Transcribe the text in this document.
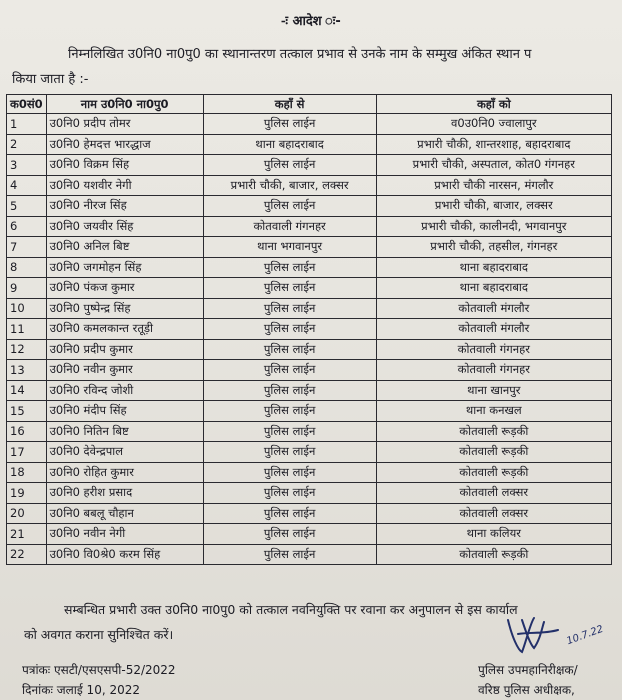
-ः आदेश ः-
निम्नलिखित उ0नि0 ना0पु0 का स्थानान्तरण तत्काल प्रभाव से उनके नाम के सम्मुख अंकित स्थान प
किया जाता है :-
क0सं0	नाम उ0नि0 ना0पु0	कहाँ से	कहाँ को
1	उ0नि0 प्रदीप तोमर	पुलिस लाईन	व0उ0नि0 ज्वालापुर
2	उ0नि0 हेमदत्त भारद्धाज	थाना बहादराबाद	प्रभारी चौकी, शान्तरशाह, बहादराबाद
3	उ0नि0 विक्रम सिंह	पुलिस लाईन	प्रभारी चौकी, अस्पताल, कोत0 गंगनहर
4	उ0नि0 यशवीर नेगी	प्रभारी चौकी, बाजार, लक्सर	प्रभारी चौकी नारसन, मंगलौर
5	उ0नि0 नीरज सिंह	पुलिस लाईन	प्रभारी चौकी, बाजार, लक्सर
6	उ0नि0 जयवीर सिंह	कोतवाली गंगनहर	प्रभारी चौकी, कालीनदी, भगवानपुर
7	उ0नि0 अनिल बिष्ट	थाना भगवानपुर	प्रभारी चौकी, तहसील, गंगनहर
8	उ0नि0 जगमोहन सिंह	पुलिस लाईन	थाना बहादराबाद
9	उ0नि0 पंकज कुमार	पुलिस लाईन	थाना बहादराबाद
10	उ0नि0 पुष्पेन्द्र सिंह	पुलिस लाईन	कोतवाली मंगलौर
11	उ0नि0 कमलकान्त रतूड़ी	पुलिस लाईन	कोतवाली मंगलौर
12	उ0नि0 प्रदीप कुमार	पुलिस लाईन	कोतवाली गंगनहर
13	उ0नि0 नवीन कुमार	पुलिस लाईन	कोतवाली गंगनहर
14	उ0नि0 रविन्द जोशी	पुलिस लाईन	थाना खानपुर
15	उ0नि0 मंदीप सिंह	पुलिस लाईन	थाना कनखल
16	उ0नि0 नितिन बिष्ट	पुलिस लाईन	कोतवाली रूड़की
17	उ0नि0 देवेन्द्रपाल	पुलिस लाईन	कोतवाली रूड़की
18	उ0नि0 रोहित कुमार	पुलिस लाईन	कोतवाली रूड़की
19	उ0नि0 हरीश प्रसाद	पुलिस लाईन	कोतवाली लक्सर
20	उ0नि0 बबलू चौहान	पुलिस लाईन	कोतवाली लक्सर
21	उ0नि0 नवीन नेगी	पुलिस लाईन	थाना कलियर
22	उ0नि0 वि0श्रे0 करम सिंह	पुलिस लाईन	कोतवाली रूड़की
सम्बन्धित प्रभारी उक्त उ0नि0 ना0पु0 को तत्काल नवनियुक्ति पर रवाना कर अनुपालन से इस कार्याल
को अवगत कराना सुनिश्चित करें।
पत्रांकः एसटी/एसएसपी-52/2022
दिनांकः जलाई 10, 2022
10.7.22
पुलिस उपमहानिरीक्षक/
वरिष्ठ पुलिस अधीक्षक,
